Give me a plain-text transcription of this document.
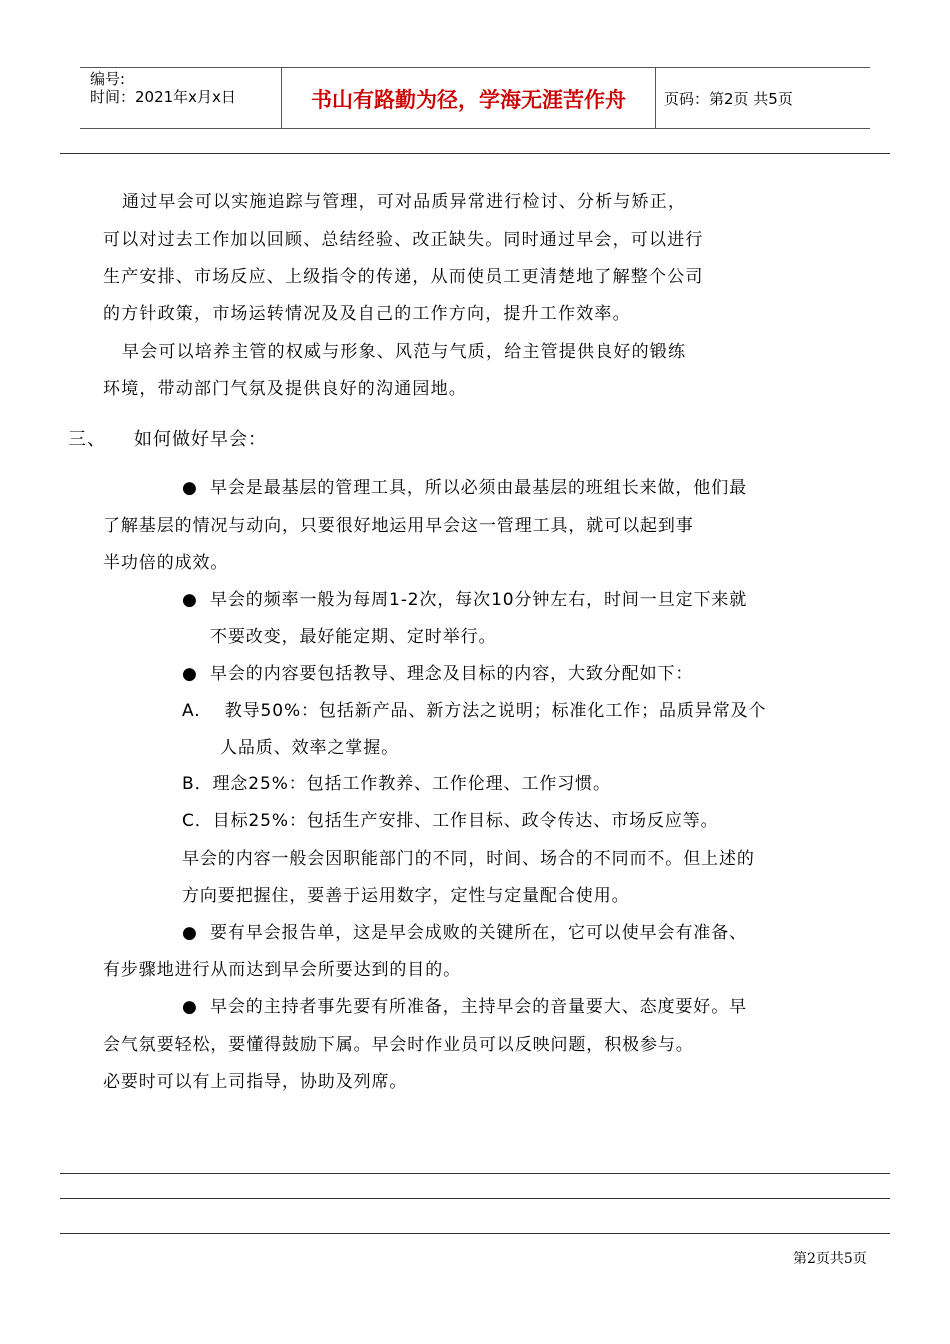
编号:
时间：2021年x月x日	书山有路勤为径，学海无涯苦作舟	页码：第2页 共5页
通过早会可以实施追踪与管理，可对品质异常进行检讨、分析与矫正，
可以对过去工作加以回顾、总结经验、改正缺失。同时通过早会，可以进行
生产安排、市场反应、上级指令的传递，从而使员工更清楚地了解整个公司
的方针政策，市场运转情况及及自己的工作方向，提升工作效率。
早会可以培养主管的权威与形象、风范与气质，给主管提供良好的锻练
环境，带动部门气氛及提供良好的沟通园地。
三、 如何做好早会：
● 早会是最基层的管理工具，所以必须由最基层的班组长来做，他们最
了解基层的情况与动向，只要很好地运用早会这一管理工具，就可以起到事
半功倍的成效。
● 早会的频率一般为每周1-2次，每次10分钟左右，时间一旦定下来就
不要改变，最好能定期、定时举行。
● 早会的内容要包括教导、理念及目标的内容，大致分配如下：
A.　 教导50%：包括新产品、新方法之说明；标准化工作；品质异常及个
人品质、效率之掌握。
B．理念25%：包括工作教养、工作伦理、工作习惯。
C．目标25%：包括生产安排、工作目标、政令传达、市场反应等。
早会的内容一般会因职能部门的不同，时间、场合的不同而不。但上述的
方向要把握住，要善于运用数字，定性与定量配合使用。
● 要有早会报告单，这是早会成败的关键所在，它可以使早会有准备、
有步骤地进行从而达到早会所要达到的目的。
● 早会的主持者事先要有所准备，主持早会的音量要大、态度要好。早
会气氛要轻松，要懂得鼓励下属。早会时作业员可以反映问题，积极参与。
必要时可以有上司指导，协助及列席。
第2页共5页
